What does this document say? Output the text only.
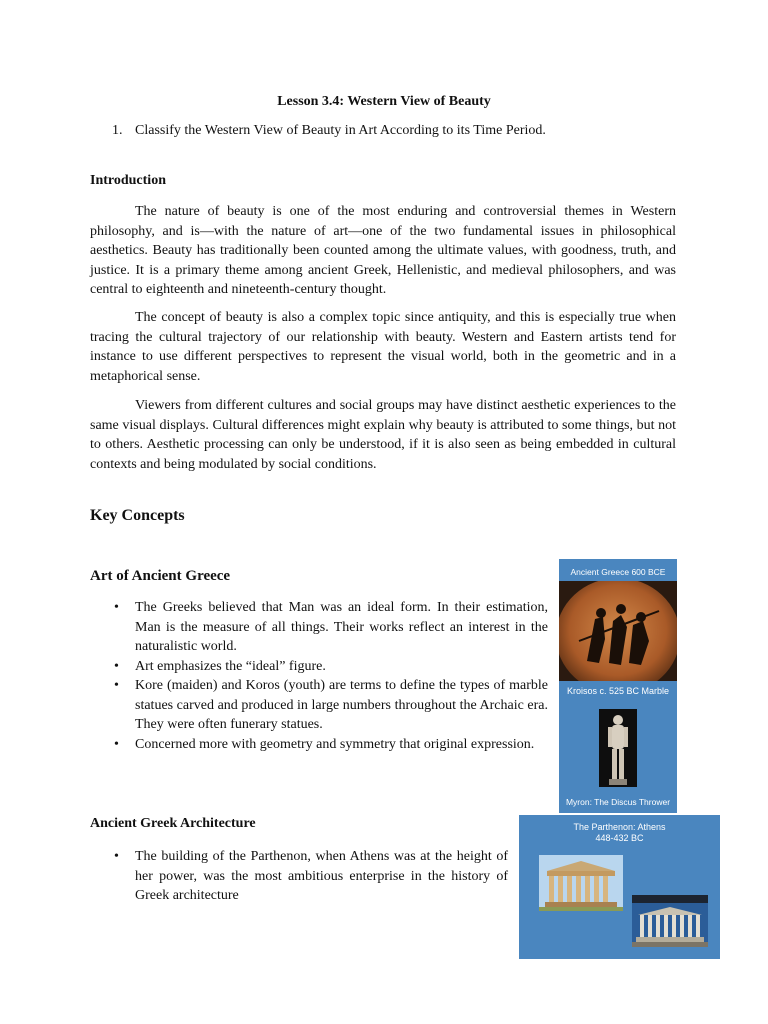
Lesson 3.4: Western View of Beauty
1. Classify the Western View of Beauty in Art According to its Time Period.
Introduction

The nature of beauty is one of the most enduring and controversial themes in Western philosophy, and is—with the nature of art—one of the two fundamental issues in philosophical aesthetics. Beauty has traditionally been counted among the ultimate values, with goodness, truth, and justice. It is a primary theme among ancient Greek, Hellenistic, and medieval philosophers, and was central to eighteenth and nineteenth-century thought.

The concept of beauty is also a complex topic since antiquity, and this is especially true when tracing the cultural trajectory of our relationship with beauty. Western and Eastern artists tend for instance to use different perspectives to represent the visual world, both in the geometric and in a metaphorical sense.

Viewers from different cultures and social groups may have distinct aesthetic experiences to the same visual displays. Cultural differences might explain why beauty is attributed to some things, but not to others. Aesthetic processing can only be understood, if it is also seen as being embedded in cultural contexts and being modulated by social conditions.

Key Concepts
Art of Ancient Greece
• The Greeks believed that Man was an ideal form. In their estimation, Man is the measure of all things. Their works reflect an interest in the naturalistic world.
• Art emphasizes the “ideal” figure.
• Kore (maiden) and Koros (youth) are terms to define the types of marble statues carved and produced in large numbers throughout the Archaic era. They were often funerary statues.
• Concerned more with geometry and symmetry that original expression.
Ancient Greek Architecture
• The building of the Parthenon, when Athens was at the height of her power, was the most ambitious enterprise in the history of Greek architecture
Ancient Greece 600 BCE
Kroisos c. 525 BC Marble
Myron: The Discus Thrower
The Parthenon: Athens
448-432 BC
